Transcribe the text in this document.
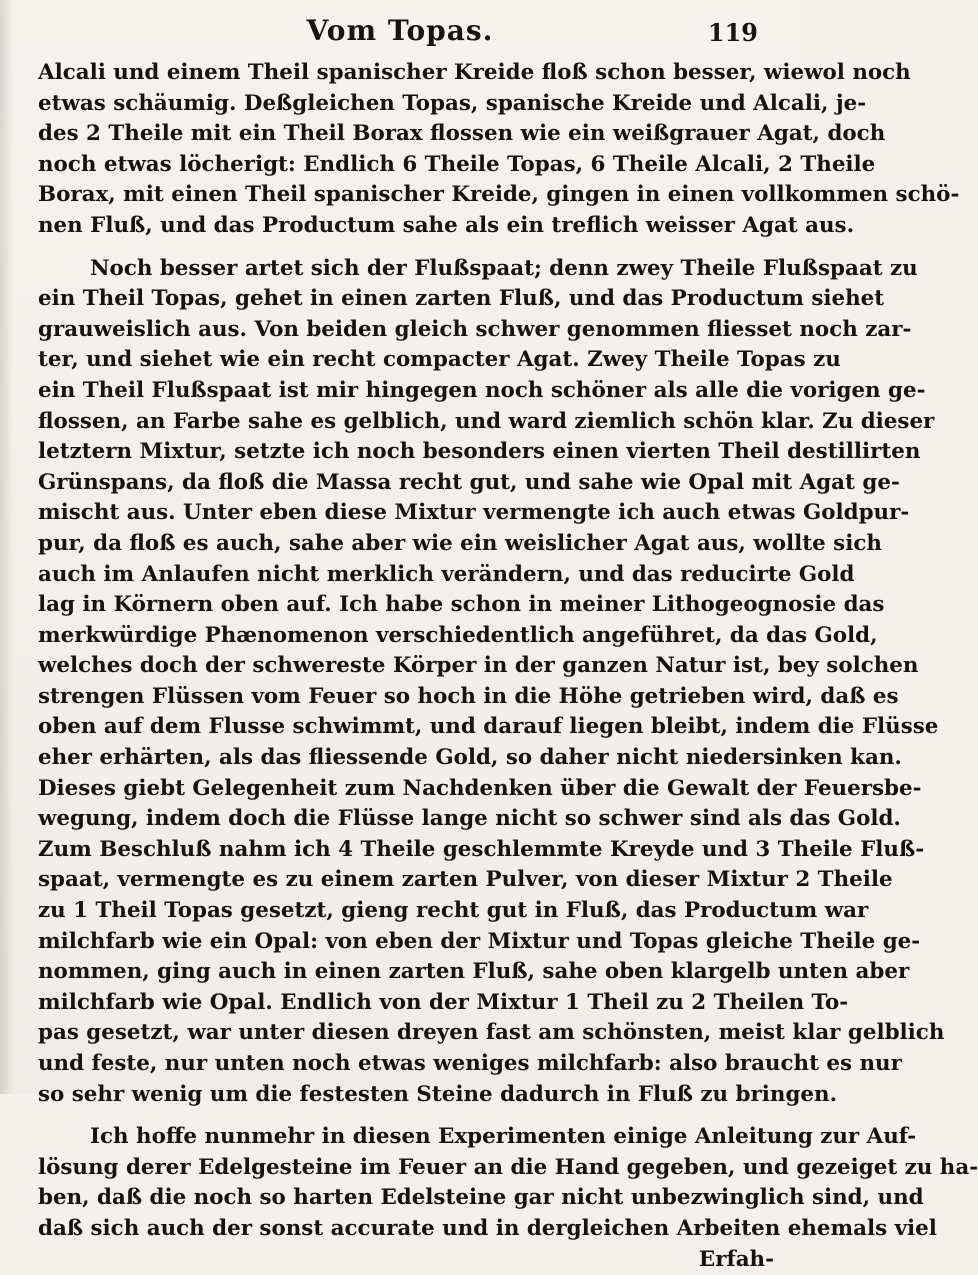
Vom Topas.	119
Alcali und einem Theil spanischer Kreide floß schon besser, wiewol noch
etwas schäumig. Deßgleichen Topas, spanische Kreide und Alcali, je-
des 2 Theile mit ein Theil Borax flossen wie ein weißgrauer Agat, doch
noch etwas löcherigt: Endlich 6 Theile Topas, 6 Theile Alcali, 2 Theile
Borax, mit einen Theil spanischer Kreide, gingen in einen vollkommen schö-
nen Fluß, und das Productum sahe als ein treflich weisser Agat aus.
Noch besser artet sich der Flußspaat; denn zwey Theile Flußspaat zu
ein Theil Topas, gehet in einen zarten Fluß, und das Productum siehet
grauweislich aus. Von beiden gleich schwer genommen fliesset noch zar-
ter, und siehet wie ein recht compacter Agat. Zwey Theile Topas zu
ein Theil Flußspaat ist mir hingegen noch schöner als alle die vorigen ge-
flossen, an Farbe sahe es gelblich, und ward ziemlich schön klar. Zu dieser
letztern Mixtur, setzte ich noch besonders einen vierten Theil destillirten
Grünspans, da floß die Massa recht gut, und sahe wie Opal mit Agat ge-
mischt aus. Unter eben diese Mixtur vermengte ich auch etwas Goldpur-
pur, da floß es auch, sahe aber wie ein weislicher Agat aus, wollte sich
auch im Anlaufen nicht merklich verändern, und das reducirte Gold
lag in Körnern oben auf. Ich habe schon in meiner Lithogeognosie das
merkwürdige Phænomenon verschiedentlich angeführet, da das Gold,
welches doch der schwereste Körper in der ganzen Natur ist, bey solchen
strengen Flüssen vom Feuer so hoch in die Höhe getrieben wird, daß es
oben auf dem Flusse schwimmt, und darauf liegen bleibt, indem die Flüsse
eher erhärten, als das fliessende Gold, so daher nicht niedersinken kan.
Dieses giebt Gelegenheit zum Nachdenken über die Gewalt der Feuersbe-
wegung, indem doch die Flüsse lange nicht so schwer sind als das Gold.
Zum Beschluß nahm ich 4 Theile geschlemmte Kreyde und 3 Theile Fluß-
spaat, vermengte es zu einem zarten Pulver, von dieser Mixtur 2 Theile
zu 1 Theil Topas gesetzt, gieng recht gut in Fluß, das Productum war
milchfarb wie ein Opal: von eben der Mixtur und Topas gleiche Theile ge-
nommen, ging auch in einen zarten Fluß, sahe oben klargelb unten aber
milchfarb wie Opal. Endlich von der Mixtur 1 Theil zu 2 Theilen To-
pas gesetzt, war unter diesen dreyen fast am schönsten, meist klar gelblich
und feste, nur unten noch etwas weniges milchfarb: also braucht es nur
so sehr wenig um die festesten Steine dadurch in Fluß zu bringen.
Ich hoffe nunmehr in diesen Experimenten einige Anleitung zur Auf-
lösung derer Edelgesteine im Feuer an die Hand gegeben, und gezeiget zu ha-
ben, daß die noch so harten Edelsteine gar nicht unbezwinglich sind, und
daß sich auch der sonst accurate und in dergleichen Arbeiten ehemals viel
Erfah-
